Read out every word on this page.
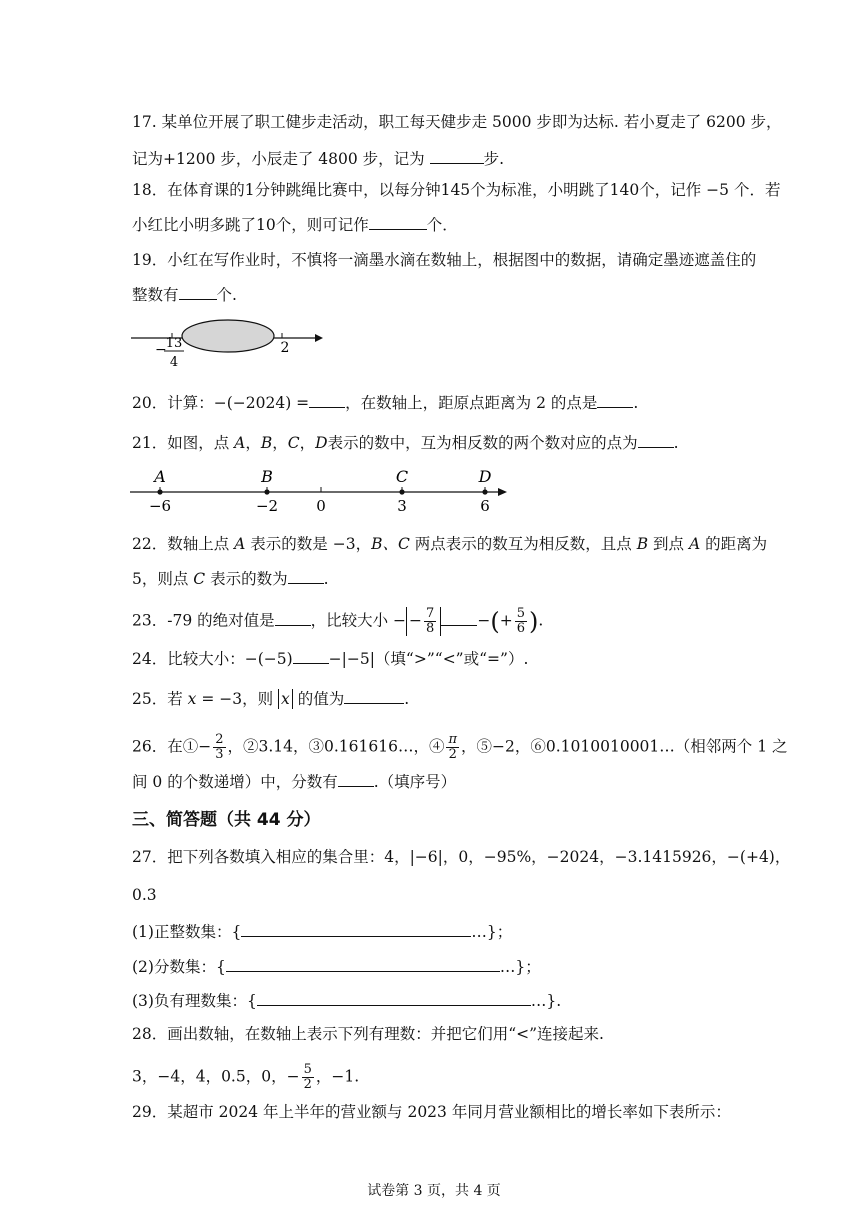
17. 某单位开展了职工健步走活动，职工每天健步走 5000 步即为达标. 若小夏走了 6200 步，
记为+1200 步，小辰走了 4800 步，记为	步.
18．在体育课的1分钟跳绳比赛中，以每分钟145个为标准，小明跳了140个，记作 −5 个．若
小红比小明多跳了10个，则可记作	个．
19．小红在写作业时，不慎将一滴墨水滴在数轴上，根据图中的数据，请确定墨迹遮盖住的
整数有 个.
−
13
4
2
20．计算：−(−2024) = ，在数轴上，距原点距离为 2 的点是 .
21．如图，点 A，B，C，D表示的数中，互为相反数的两个数对应的点为 .
A
−6
B
−2	0
C
3
D
6
22．数轴上点 A 表示的数是 −3，B、C 两点表示的数互为相反数，且点 B 到点 A 的距离为
5，则点 C 表示的数为 .
23．-79 的绝对值是 ，比较大小 − − $\frac{7}{8}$	−(+ $\frac{5}{6}$ ).
24．比较大小：−(−5) −|−5|（填“>”“<”或“=”）.
25．若 x = −3，则 x 的值为	.
26．在①− $\frac{2}{3}$ ，②3.14，③0.161616…，④ $\frac{\pi}{2}$ ，⑤−2，⑥0.1010010001…（相邻两个 1 之
间 0 的个数递增）中，分数有 .（填序号）
三、简答题（共 44 分）
27．把下列各数填入相应的集合里：4，|−6|，0，−95%，−2024，−3.1415926，−(+4)，
0.3
(1)正整数集：{	…}；
(2)分数集：{	…}；
(3)负有理数集：{	…}.
28．画出数轴，在数轴上表示下列有理数：并把它们用“<”连接起来.
3，−4，4，0.5，0，− $\frac{5}{2}$ ，−1.
29．某超市 2024 年上半年的营业额与 2023 年同月营业额相比的增长率如下表所示：
试卷第 3 页，共 4 页
